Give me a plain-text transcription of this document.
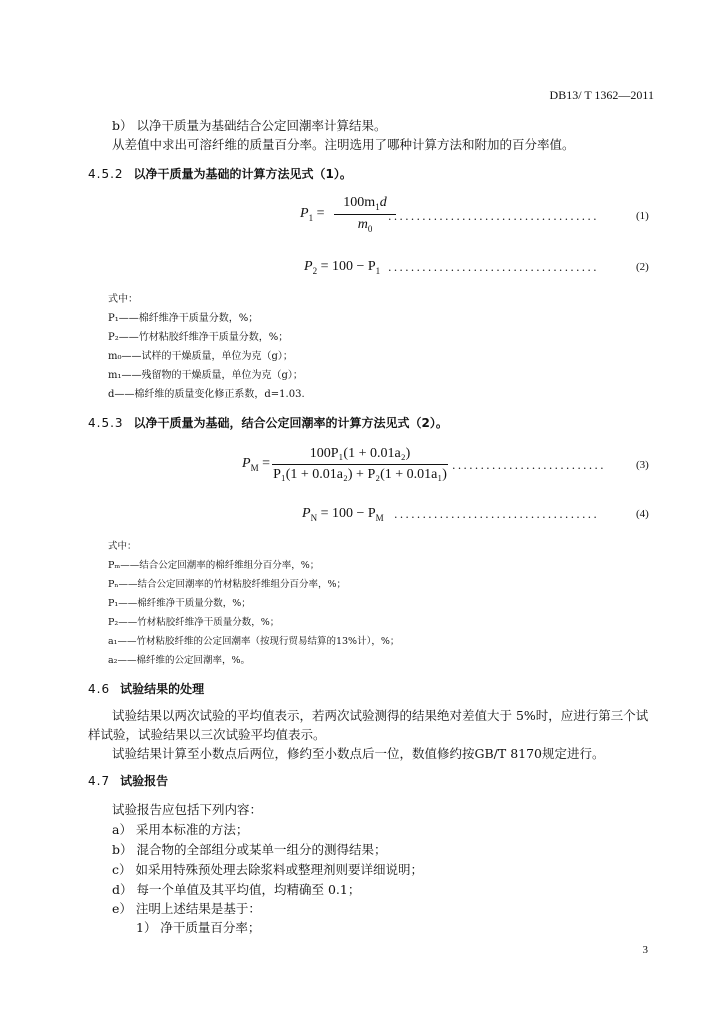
DB13/ T 1362—2011
b） 以净干质量为基础结合公定回潮率计算结果。
从差值中求出可溶纤维的质量百分率。注明选用了哪种计算方法和附加的百分率值。
4.5.2 以净干质量为基础的计算方法见式（1）。
$P_1$ =
$100m_1d$
$m_0$
.....................................	(1)
$P_2 = 100 - P_1$ .....................................	(2)
式中：
P₁——棉纤维净干质量分数，%；
P₂——竹材粘胶纤维净干质量分数，%；
m₀——试样的干燥质量，单位为克（g）；
m₁——残留物的干燥质量，单位为克（g）；
d——棉纤维的质量变化修正系数，d=1.03.
4.5.3 以净干质量为基础，结合公定回潮率的计算方法见式（2）。
$P_M$ =
100P₁(1 + 0.01a₂)
P₁(1 + 0.01a₂) + P₂(1 + 0.01a₁)
...........................	(3)
$P_N = 100 - P_M$ ....................................	(4)
式中：
Pₘ——结合公定回潮率的棉纤维组分百分率，%；
Pₙ——结合公定回潮率的竹材粘胶纤维组分百分率，%；
P₁——棉纤维净干质量分数，%；
P₂——竹材粘胶纤维净干质量分数，%；
a₁——竹材粘胶纤维的公定回潮率（按现行贸易结算的13%计），%；
a₂——棉纤维的公定回潮率，%。
4.6 试验结果的处理
试验结果以两次试验的平均值表示，若两次试验测得的结果绝对差值大于 5%时，应进行第三个试样试验，试验结果以三次试验平均值表示。
试验结果计算至小数点后两位，修约至小数点后一位，数值修约按GB/T 8170规定进行。
4.7 试验报告
试验报告应包括下列内容：
a） 采用本标准的方法；
b） 混合物的全部组分或某单一组分的测得结果；
c） 如采用特殊预处理去除浆料或整理剂则要详细说明；
d） 每一个单值及其平均值，均精确至 0.1；
e） 注明上述结果是基于：
1） 净干质量百分率；
3
